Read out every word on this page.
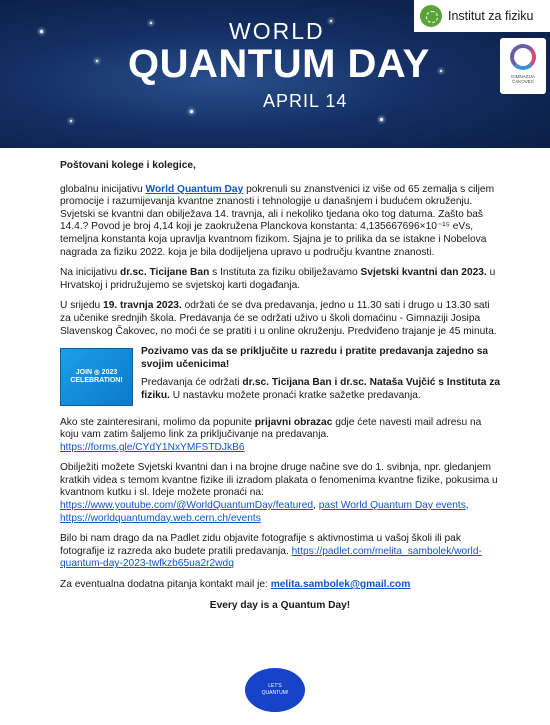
WORLD
QUANTUM DAY
APRIL 14
Institut za fiziku
GIMNAZIJA ČAKOVEC

Poštovani kolege i kolegice,

globalnu inicijativu World Quantum Day pokrenuli su znanstvenici iz više od 65 zemalja s ciljem promocije i razumijevanja kvantne znanosti i tehnologije u današnjem i budućem okruženju. Svjetski se kvantni dan obilježava 14. travnja, ali i nekoliko tjedana oko tog datuma. Zašto baš 14.4.? Povod je broj 4,14 koji je zaokružena Planckova konstanta: 4,135667696×10⁻¹⁵ eVs, temeljna konstanta koja upravlja kvantnom fizikom. Sjajna je to prilika da se istakne i Nobelova nagrada za fiziku 2022. koja je bila dodijeljena upravo u području kvantne znanosti.

Na inicijativu dr.sc. Ticijane Ban s Instituta za fiziku obilježavamo Svjetski kvantni dan 2023. u Hrvatskoj i pridružujemo se svjetskoj karti događanja.

U srijedu 19. travnja 2023. održati će se dva predavanja, jedno u 11.30 sati i drugo u 13.30 sati za učenike srednjih škola. Predavanja će se održati uživo u školi domaćinu - Gimnaziji Josipa Slavenskog Čakovec, no moći će se pratiti i u online okruženju. Predviđeno trajanje je 45 minuta.

JOIN ◎ 2023
CELEBRATION!

Pozivamo vas da se priključite u razredu i pratite predavanja zajedno sa svojim učenicima!

Predavanja će održati dr.sc. Ticijana Ban i dr.sc. Nataša Vujčić s Instituta za fiziku. U nastavku možete pronaći kratke sažetke predavanja.

Ako ste zainteresirani, molimo da popunite prijavni obrazac gdje ćete navesti mail adresu na koju vam zatim šaljemo link za priključivanje na predavanja. https://forms.gle/CYdY1NxYMFSTDJkB6

Obilježiti možete Svjetski kvantni dan i na brojne druge načine sve do 1. svibnja, npr. gledanjem kratkih videa s temom kvantne fizike ili izradom plakata o fenomenima kvantne fizike, pokusima u kvantnom kutku i sl. Ideje možete pronaći na:
https://www.youtube.com/@WorldQuantumDay/featured, past World Quantum Day events,
https://worldquantumday.web.cern.ch/events

Bilo bi nam drago da na Padlet zidu objavite fotografije s aktivnostima u vašoj školi ili pak fotografije iz razreda ako budete pratili predavanja. https://padlet.com/melita_sambolek/world-quantum-day-2023-twfkzb65ua2r2wdq

Za eventualna dodatna pitanja kontakt mail je: melita.sambolek@gmail.com

Every day is a Quantum Day!

LET'S
QUANTUM!
